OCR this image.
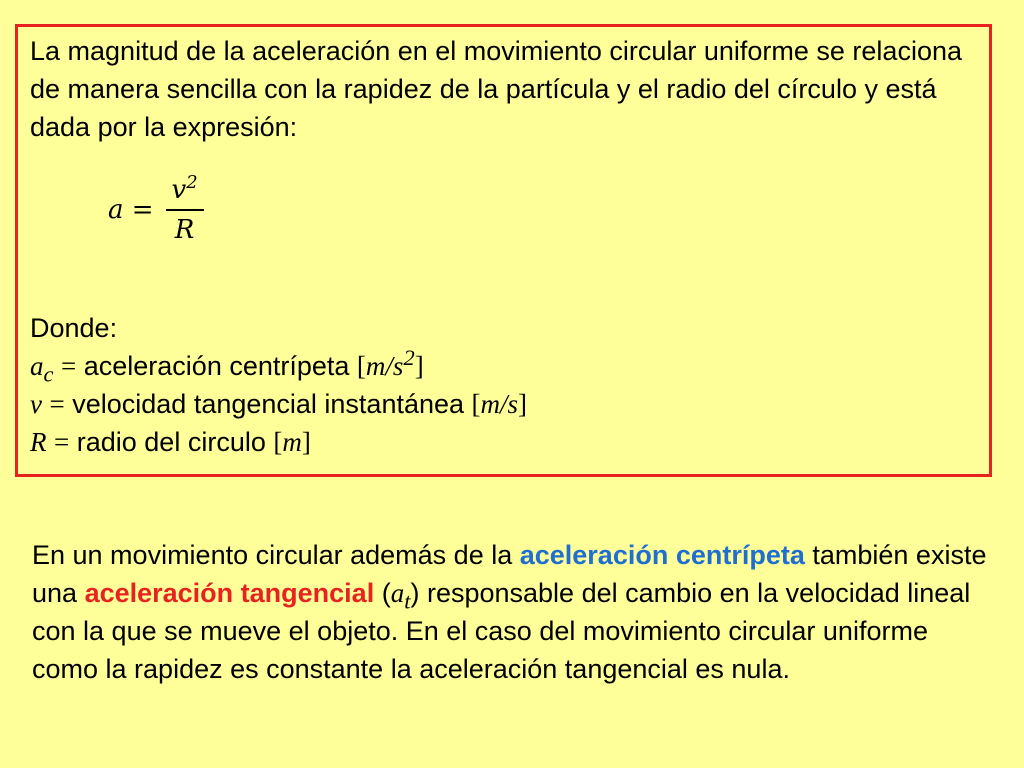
La magnitud de la aceleración en el movimiento circular uniforme se relaciona de manera sencilla con la rapidez de la partícula y el radio del círculo y está dada por la expresión:
$a = \frac{v^2}{R}$
Donde:
$a_c$ = aceleración centrípeta $[m/s^2]$
v = velocidad tangencial instantánea [m/s]
R = radio del circulo [m]
En un movimiento circular además de la aceleración centrípeta también existe una aceleración tangencial $(a_t)$ responsable del cambio en la velocidad lineal con la que se mueve el objeto. En el caso del movimiento circular uniforme como la rapidez es constante la aceleración tangencial es nula.
